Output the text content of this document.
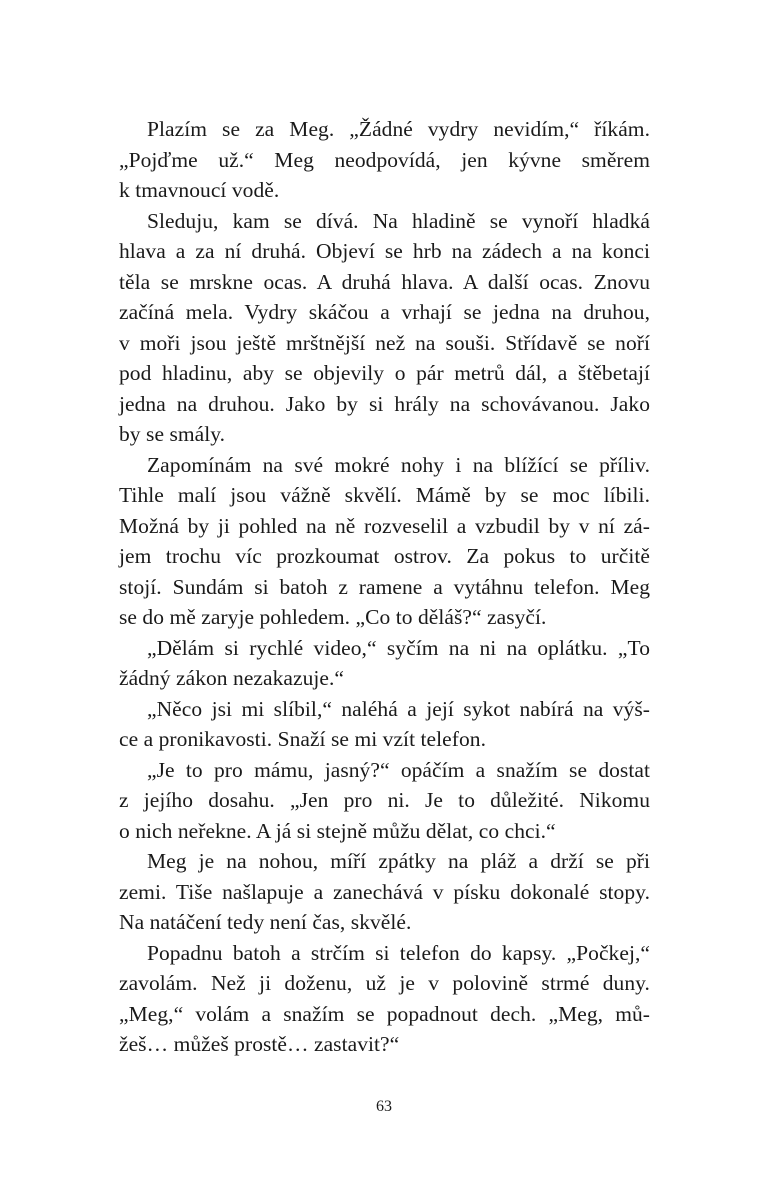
Plazím se za Meg. „Žádné vydry nevidím,“ říkám.
„Pojďme už.“ Meg neodpovídá, jen kývne směrem
k tmavnoucí vodě.
Sleduju, kam se dívá. Na hladině se vynoří hladká
hlava a za ní druhá. Objeví se hrb na zádech a na konci
těla se mrskne ocas. A druhá hlava. A další ocas. Znovu
začíná mela. Vydry skáčou a vrhají se jedna na druhou,
v moři jsou ještě mrštnější než na souši. Střídavě se noří
pod hladinu, aby se objevily o pár metrů dál, a štěbetají
jedna na druhou. Jako by si hrály na schovávanou. Jako
by se smály.
Zapomínám na své mokré nohy i na blížící se příliv.
Tihle malí jsou vážně skvělí. Mámě by se moc líbili.
Možná by ji pohled na ně rozveselil a vzbudil by v ní zá-
jem trochu víc prozkoumat ostrov. Za pokus to určitě
stojí. Sundám si batoh z ramene a vytáhnu telefon. Meg
se do mě zaryje pohledem. „Co to děláš?“ zasyčí.
„Dělám si rychlé video,“ syčím na ni na oplátku. „To
žádný zákon nezakazuje.“
„Něco jsi mi slíbil,“ naléhá a její sykot nabírá na výš-
ce a pronikavosti. Snaží se mi vzít telefon.
„Je to pro mámu, jasný?“ opáčím a snažím se dostat
z jejího dosahu. „Jen pro ni. Je to důležité. Nikomu
o nich neřekne. A já si stejně můžu dělat, co chci.“
Meg je na nohou, míří zpátky na pláž a drží se při
zemi. Tiše našlapuje a zanechává v písku dokonalé stopy.
Na natáčení tedy není čas, skvělé.
Popadnu batoh a strčím si telefon do kapsy. „Počkej,“
zavolám. Než ji doženu, už je v polovině strmé duny.
„Meg,“ volám a snažím se popadnout dech. „Meg, mů-
žeš… můžeš prostě… zastavit?“
63
